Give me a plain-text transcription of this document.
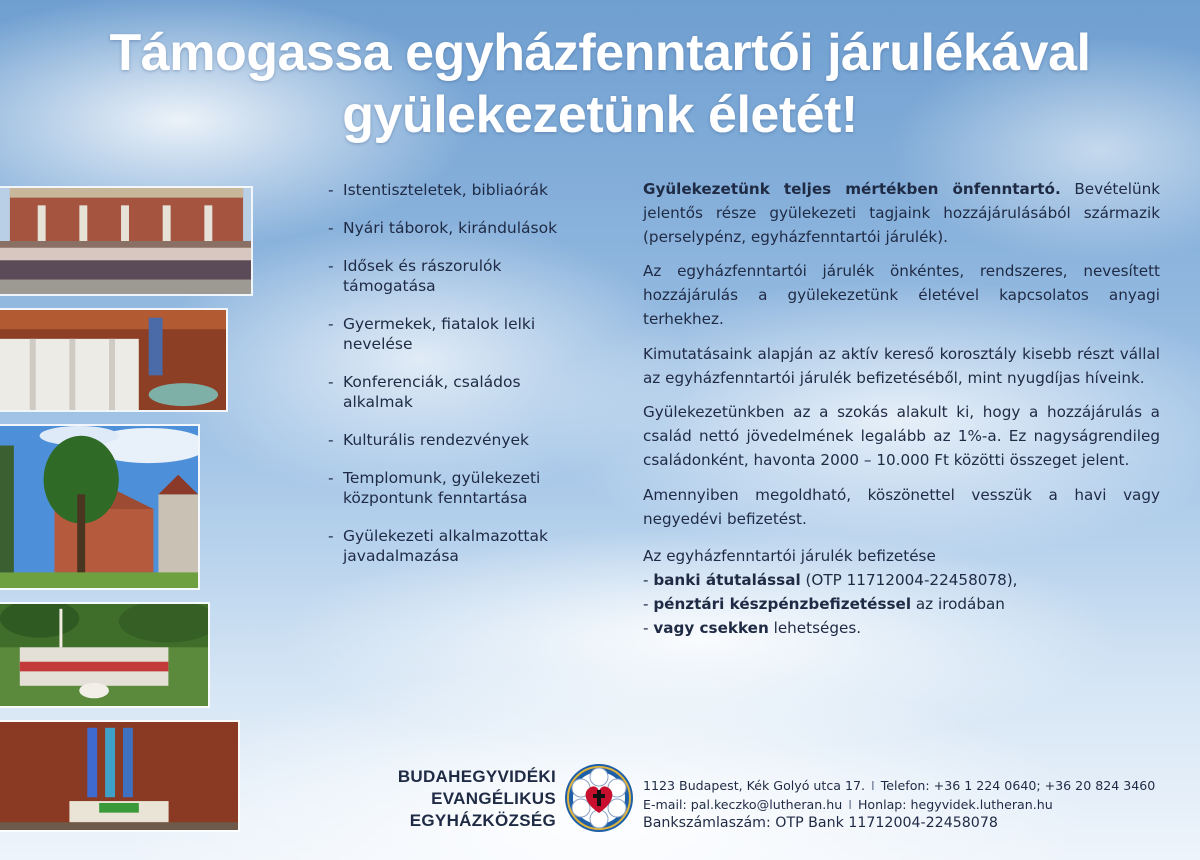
Támogassa egyházfenntartói járulékával
gyülekezetünk életét!
- Istentiszteletek, bibliaórák
- Nyári táborok, kirándulások
- Idősek és rászorulók támogatása
- Gyermekek, fiatalok lelki nevelése
- Konferenciák, családos alkalmak
- Kulturális rendezvények
- Templomunk, gyülekezeti központunk fenntartása
- Gyülekezeti alkalmazottak javadalmazása

Gyülekezetünk teljes mértékben önfenntartó. Bevételünk jelentős része gyülekezeti tagjaink hozzájárulásából származik (perselypénz, egyházfenntartói járulék).

Az egyházfenntartói járulék önkéntes, rendszeres, nevesített hozzájárulás a gyülekezetünk életével kapcsolatos anyagi terhekhez.

Kimutatásaink alapján az aktív kereső korosztály kisebb részt vállal az egyházfenntartói járulék befizetéséből, mint nyugdíjas híveink.

Gyülekezetünkben az a szokás alakult ki, hogy a hozzájárulás a család nettó jövedelmének legalább az 1%-a. Ez nagyságrendileg családonként, havonta 2000 – 10.000 Ft közötti összeget jelent.

Amennyiben megoldható, köszönettel vesszük a havi vagy negyedévi befizetést.

Az egyházfenntartói járulék befizetése
- banki átutalással (OTP 11712004-22458078),
- pénztári készpénzbefizetéssel az irodában
- vagy csekken lehetséges.

BUDAHEGYVIDÉKI
EVANGÉLIKUS
EGYHÁZKÖZSÉG
1123 Budapest, Kék Golyó utca 17. I Telefon: +36 1 224 0640; +36 20 824 3460
E-mail: pal.keczko@lutheran.hu I Honlap: hegyvidek.lutheran.hu
Bankszámlaszám: OTP Bank 11712004-22458078
